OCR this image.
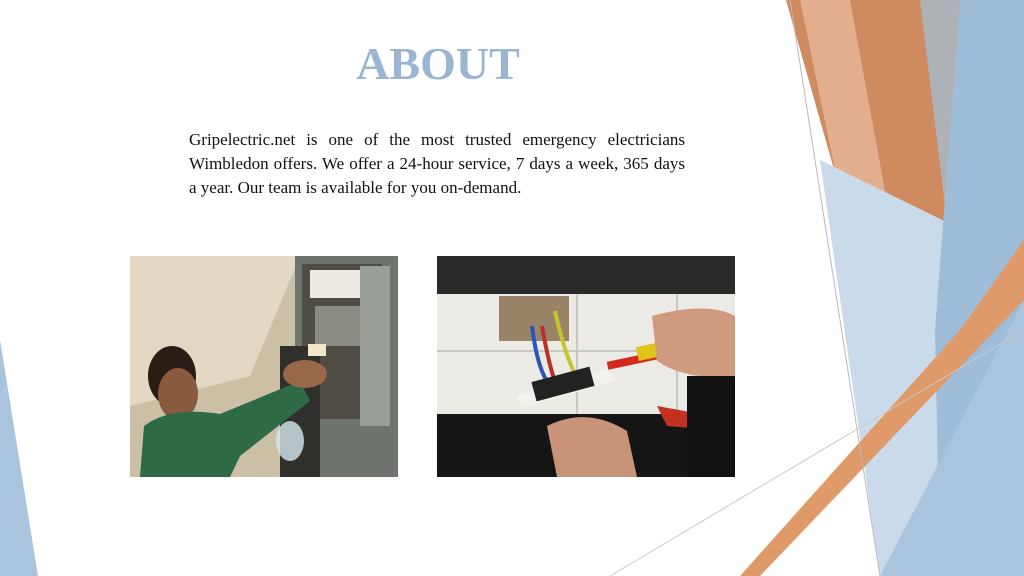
ABOUT

Gripelectric.net is one of the most trusted emergency electricians Wimbledon offers. We offer a 24-hour service, 7 days a week, 365 days a year. Our team is available for you on-demand.
